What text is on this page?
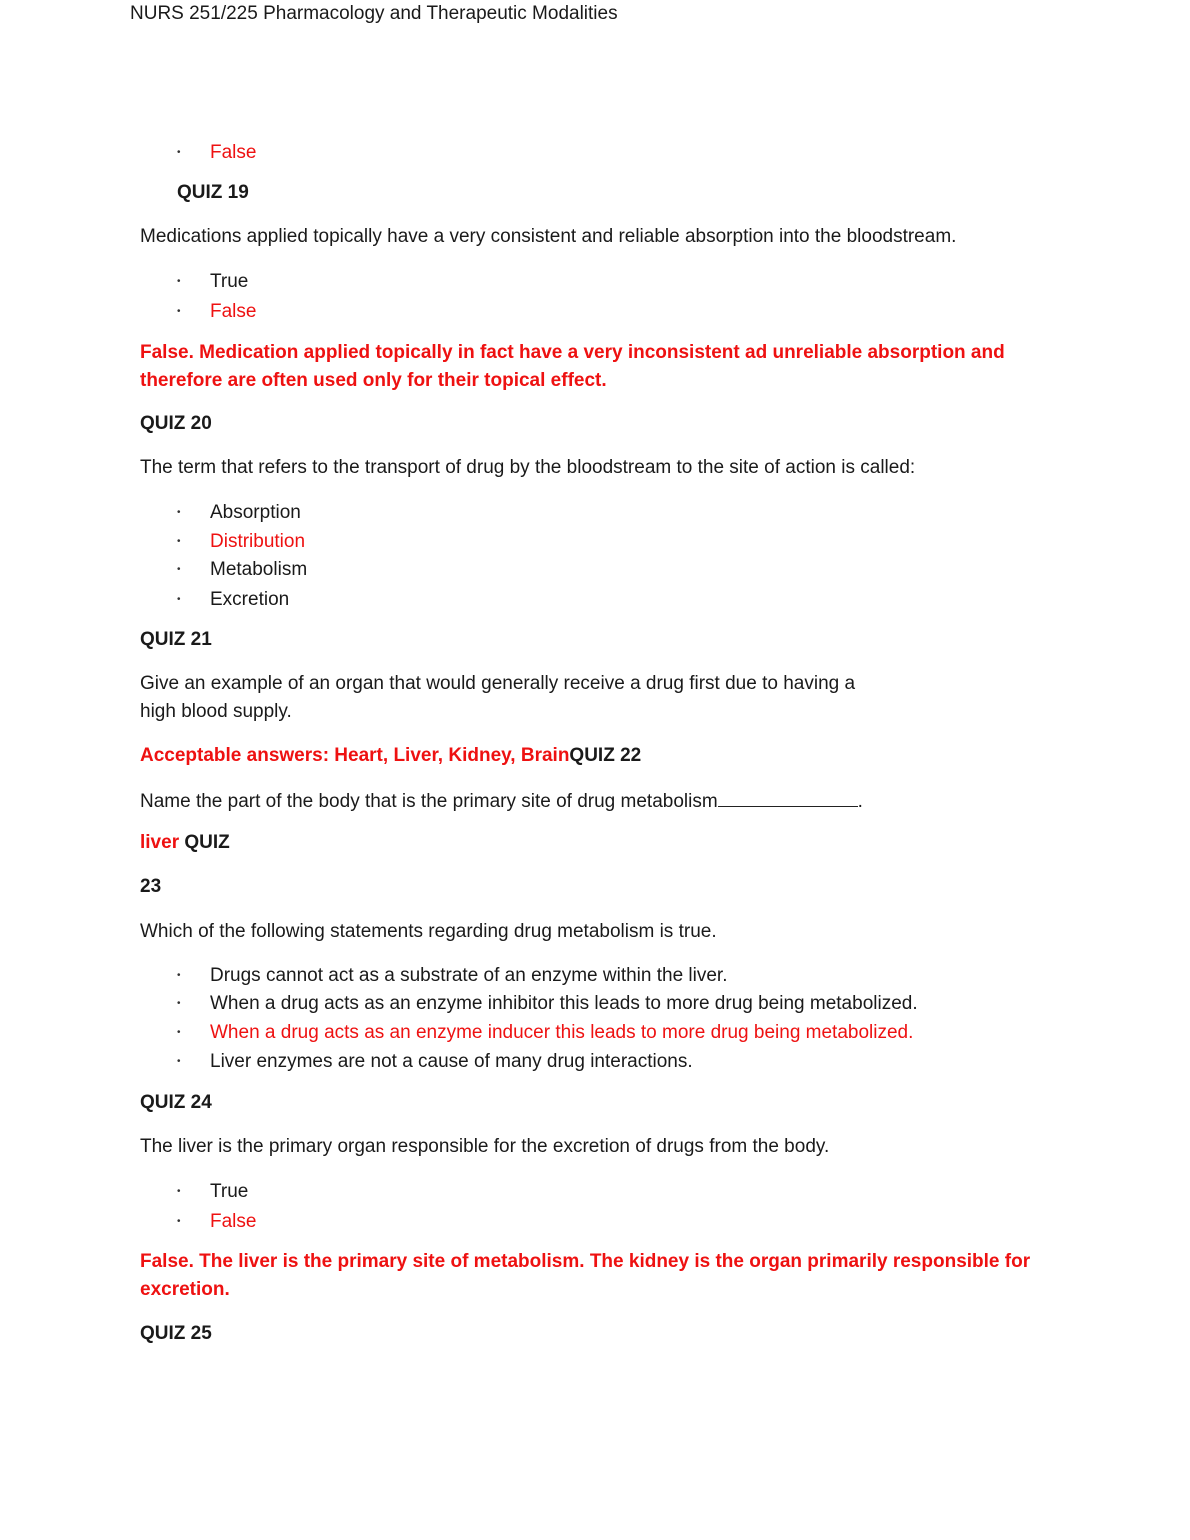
NURS 251/225 Pharmacology and Therapeutic Modalities
• False
QUIZ 19
Medications applied topically have a very consistent and reliable absorption into the bloodstream.
• True
• False
False. Medication applied topically in fact have a very inconsistent ad unreliable absorption and
therefore are often used only for their topical effect.
QUIZ 20
The term that refers to the transport of drug by the bloodstream to the site of action is called:
• Absorption
• Distribution
• Metabolism
• Excretion
QUIZ 21
Give an example of an organ that would generally receive a drug first due to having a
high blood supply.
Acceptable answers: Heart, Liver, Kidney, BrainQUIZ 22
Name the part of the body that is the primary site of drug metabolism	.
liver QUIZ
23
Which of the following statements regarding drug metabolism is true.
• Drugs cannot act as a substrate of an enzyme within the liver.
• When a drug acts as an enzyme inhibitor this leads to more drug being metabolized.
• When a drug acts as an enzyme inducer this leads to more drug being metabolized.
• Liver enzymes are not a cause of many drug interactions.
QUIZ 24
The liver is the primary organ responsible for the excretion of drugs from the body.
• True
• False
False. The liver is the primary site of metabolism. The kidney is the organ primarily responsible for
excretion.
QUIZ 25
